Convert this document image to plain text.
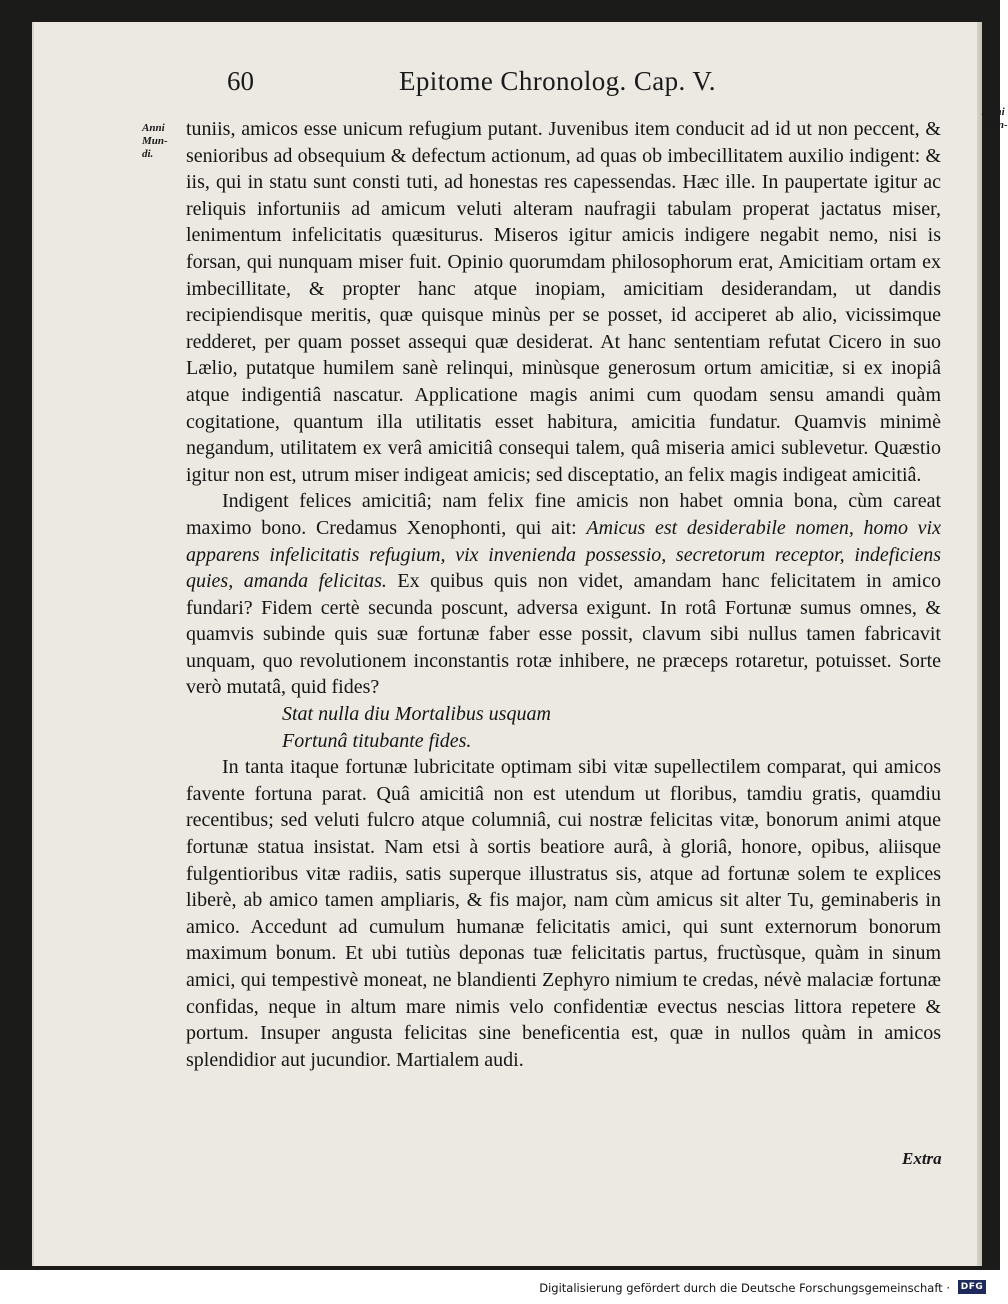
60	Epitome Chronolog. Cap. V.
Anni
Mun-
di.
Anni
Mun-
di.

tuniis, amicos esse unicum refugium putant. Juvenibus item conducit ad id ut non peccent, & senioribus ad obsequium & defectum actionum, ad quas ob imbecillitatem auxilio indigent: & iis, qui in statu sunt consti tuti, ad honestas res capessendas. Hæc ille. In paupertate igitur ac reliquis infortuniis ad amicum veluti alteram naufragii tabulam properat jactatus miser, lenimentum infelicitatis quæsiturus. Miseros igitur amicis indigere negabit nemo, nisi is forsan, qui nunquam miser fuit. Opinio quorumdam philosophorum erat, Amicitiam ortam ex imbecillitate, & propter hanc atque inopiam, amicitiam desiderandam, ut dandis recipiendisque meritis, quæ quisque minùs per se posset, id acciperet ab alio, vicissimque redderet, per quam posset assequi quæ desiderat. At hanc sententiam refutat Cicero in suo Lælio, putatque humilem sanè relinqui, minùsque generosum ortum amicitiæ, si ex inopiâ atque indigentiâ nascatur. Applicatione magis animi cum quodam sensu amandi quàm cogitatione, quantum illa utilitatis esset habitura, amicitia fundatur. Quamvis minimè negandum, utilitatem ex verâ amicitiâ consequi talem, quâ miseria amici sublevetur. Quæstio igitur non est, utrum miser indigeat amicis; sed disceptatio, an felix magis indigeat amicitiâ.

Indigent felices amicitiâ; nam felix fine amicis non habet omnia bona, cùm careat maximo bono. Credamus Xenophonti, qui ait: Amicus est desiderabile nomen, homo vix apparens infelicitatis refugium, vix invenienda possessio, secretorum receptor, indeficiens quies, amanda felicitas. Ex quibus quis non videt, amandam hanc felicitatem in amico fundari? Fidem certè secunda poscunt, adversa exigunt. In rotâ Fortunæ sumus omnes, & quamvis subinde quis suæ fortunæ faber esse possit, clavum sibi nullus tamen fabricavit unquam, quo revolutionem inconstantis rotæ inhibere, ne præceps rotaretur, potuisset. Sorte verò mutatâ, quid fides?

Stat nulla diu Mortalibus usquam

Fortunâ titubante fides.

In tanta itaque fortunæ lubricitate optimam sibi vitæ supellectilem comparat, qui amicos favente fortuna parat. Quâ amicitiâ non est utendum ut floribus, tamdiu gratis, quamdiu recentibus; sed veluti fulcro atque columniâ, cui nostræ felicitas vitæ, bonorum animi atque fortunæ statua insistat. Nam etsi à sortis beatiore aurâ, à gloriâ, honore, opibus, aliisque fulgentioribus vitæ radiis, satis superque illustratus sis, atque ad fortunæ solem te explices liberè, ab amico tamen ampliaris, & fis major, nam cùm amicus sit alter Tu, geminaberis in amico. Accedunt ad cumulum humanæ felicitatis amici, qui sunt externorum bonorum maximum bonum. Et ubi tutiùs deponas tuæ felicitatis partus, fructùsque, quàm in sinum amici, qui tempestivè moneat, ne blandienti Zephyro nimium te credas, névè malaciæ fortunæ confidas, neque in altum mare nimis velo confidentiæ evectus nescias littora repetere & portum. Insuper angusta felicitas sine beneficentia est, quæ in nullos quàm in amicos splendidior aut jucundior. Martialem audi.

Extra
Digitalisierung gefördert durch die Deutsche Forschungsgemeinschaft ·	DFG
